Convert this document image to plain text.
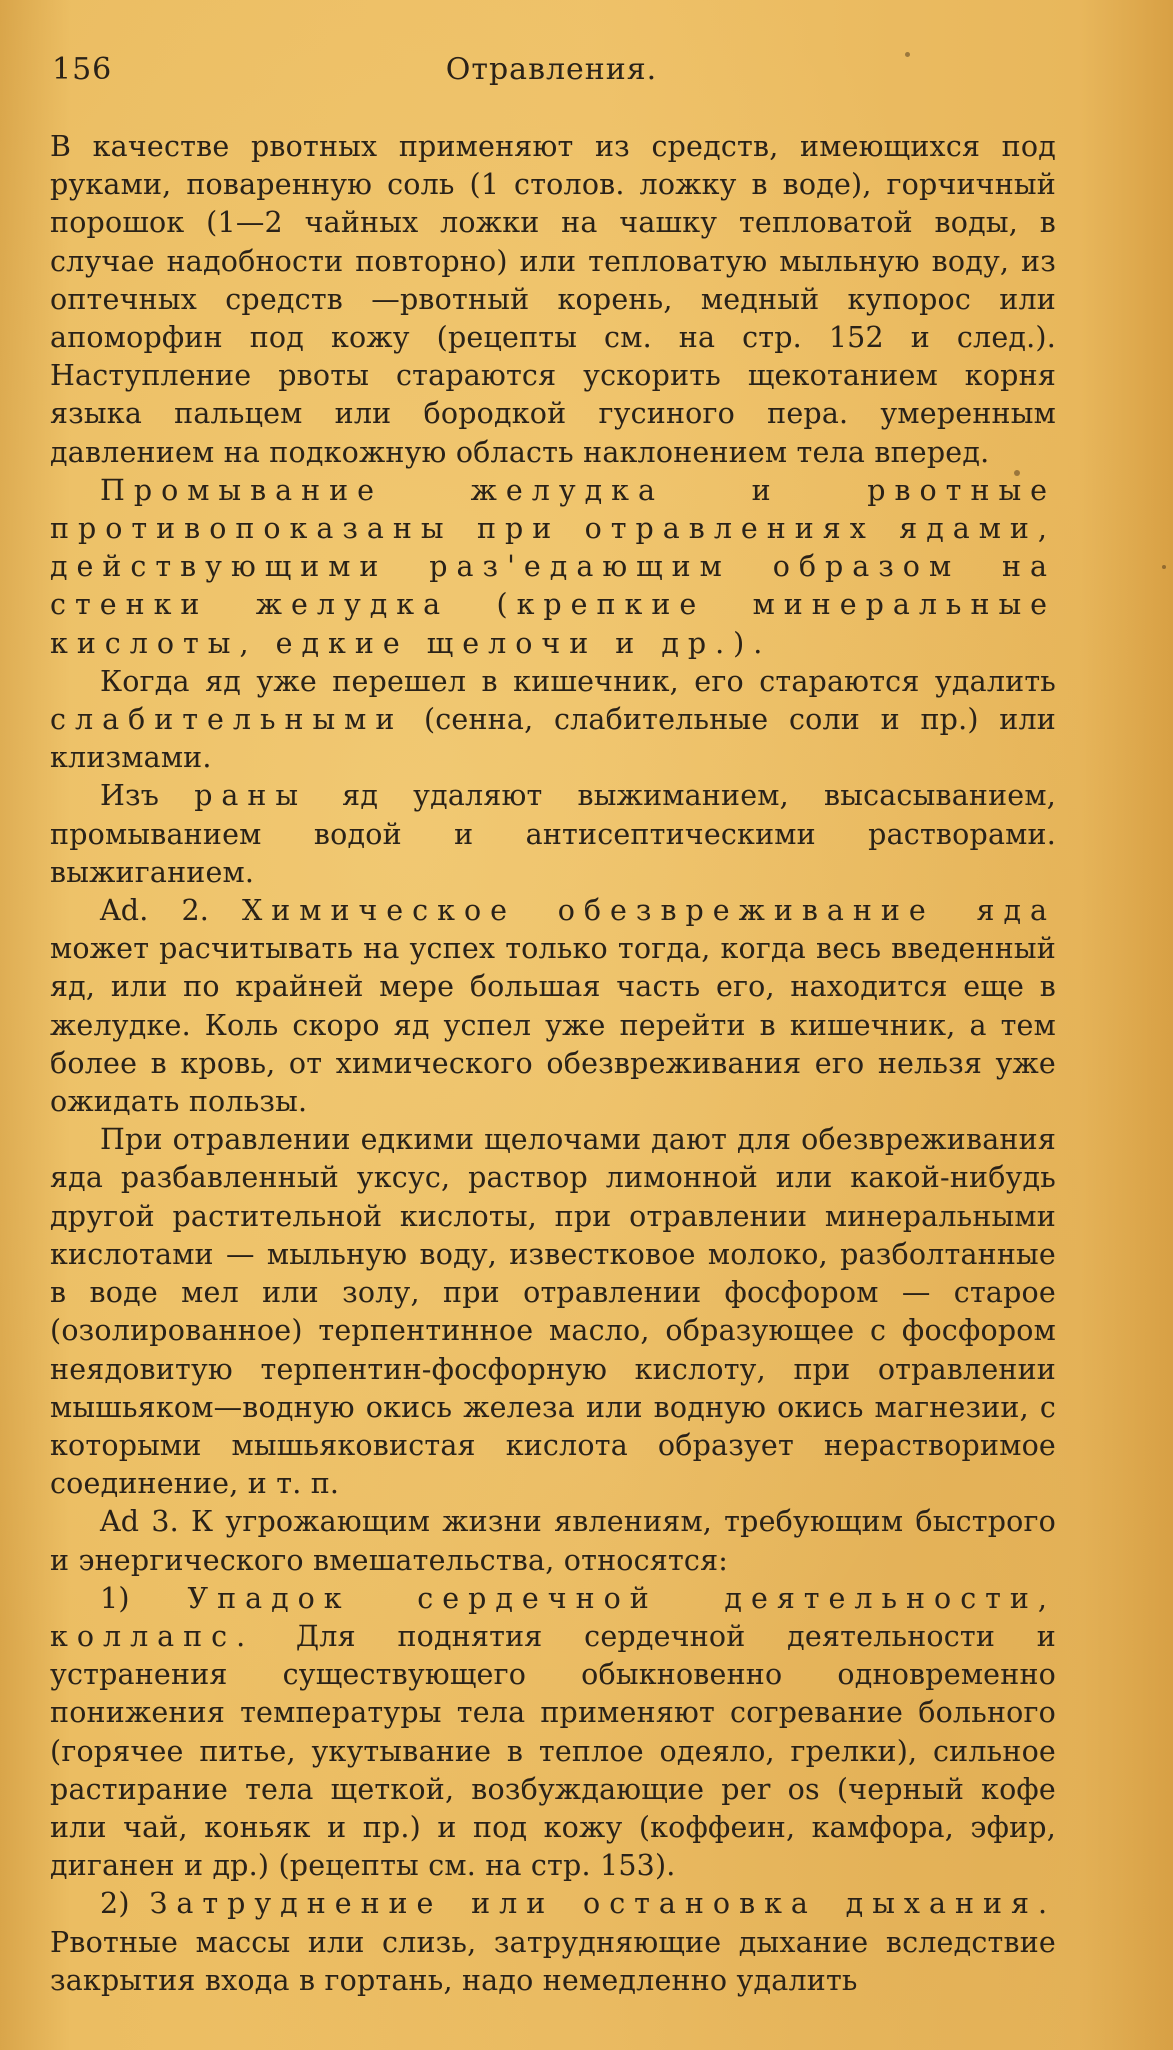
156	Отравления.

В качестве рвотных применяют из средств, имеющихся под руками, поваренную соль (1 столов. ложку в воде), горчичный порошок (1—2 чайных ложки на чашку тепловатой воды, в случае надобности повторно) или тепловатую мыльную воду, из оптечных средств —рвотный корень, медный купорос или апоморфин под кожу (рецепты см. на стр. 152 и след.). Наступление рвоты стараются ускорить щекотанием корня языка пальцем или бородкой гусиного пера. умеренным давлением на подкожную область наклонением тела вперед.

Промывание желудка и рвотные противопоказаны при отравлениях ядами, действующими раз'едающим образом на стенки желудка (крепкие минеральные кислоты, едкие щелочи и др.).

Когда яд уже перешел в кишечник, его стараются удалить слабительными (сенна, слабительные соли и пр.) или клизмами.

Изъ раны яд удаляют выжиманием, высасыванием, промыванием водой и антисептическими растворами. выжиганием.

Ad. 2. Химическое обезвреживание яда может расчитывать на успех только тогда, когда весь введенный яд, или по крайней мере большая часть его, находится еще в желудке. Коль скоро яд успел уже перейти в кишечник, а тем более в кровь, от химического обезвреживания его нельзя уже ожидать пользы.

При отравлении едкими щелочами дают для обезвреживания яда разбавленный уксус, раствор лимонной или какой-нибудь другой растительной кислоты, при отравлении минеральными кислотами — мыльную воду, известковое молоко, разболтанные в воде мел или золу, при отравлении фосфором — старое (озолированное) терпентинное масло, образующее с фосфором неядовитую терпентин-фосфорную кислоту, при отравлении мышьяком—водную окись железа или водную окись магнезии, с которыми мышьяковистая кислота образует нерастворимое соединение, и т. п.

Ad 3. К угрожающим жизни явлениям, требующим быстрого и энергического вмешательства, относятся:

1) Упадок сердечной деятельности, коллапс. Для поднятия сердечной деятельности и устранения существующего обыкновенно одновременно понижения температуры тела применяют согревание больного (горячее питье, укутывание в теплое одеяло, грелки), сильное растирание тела щеткой, возбуждающие per os (черный кофе или чай, коньяк и пр.) и под кожу (коффеин, камфора, эфир, диганен и др.) (рецепты см. на стр. 153).

2) Затруднение или остановка дыхания. Рвотные массы или слизь, затрудняющие дыхание вследствие закрытия входа в гортань, надо немедленно удалить
